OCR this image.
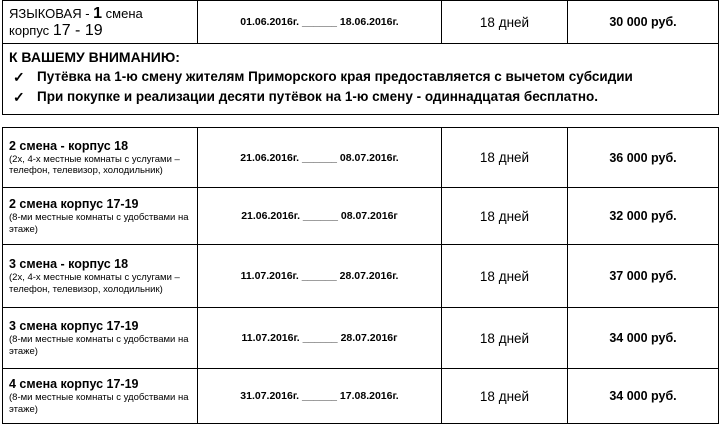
ЯЗЫКОВАЯ - 1 смена
корпус 17 - 19	01.06.2016г. ______ 18.06.2016г.	18 дней	30 000 руб.

К ВАШЕМУ ВНИМАНИЮ:
✓ Путёвка на 1-ю смену жителям Приморского края предоставляется с вычетом субсидии
✓ При покупке и реализации десяти путёвок на 1-ю смену - одиннадцатая бесплатно.			

2 смена - корпус 18
(2х, 4-х местные комнаты с услугами – телефон, телевизор, холодильник)	21.06.2016г. ______ 08.07.2016г.	18 дней	36 000 руб.

2 смена корпус 17-19
(8-ми местные комнаты с удобствами на этаже)	21.06.2016г. ______ 08.07.2016г	18 дней	32 000 руб.

3 смена - корпус 18
(2х, 4-х местные комнаты с услугами – телефон, телевизор, холодильник)	11.07.2016г. ______ 28.07.2016г.	18 дней	37 000 руб.

3 смена корпус 17-19
(8-ми местные комнаты с удобствами на этаже)	11.07.2016г. ______ 28.07.2016г	18 дней	34 000 руб.

4 смена корпус 17-19
(8-ми местные комнаты с удобствами на этаже)	31.07.2016г. ______ 17.08.2016г.	18 дней	34 000 руб.
